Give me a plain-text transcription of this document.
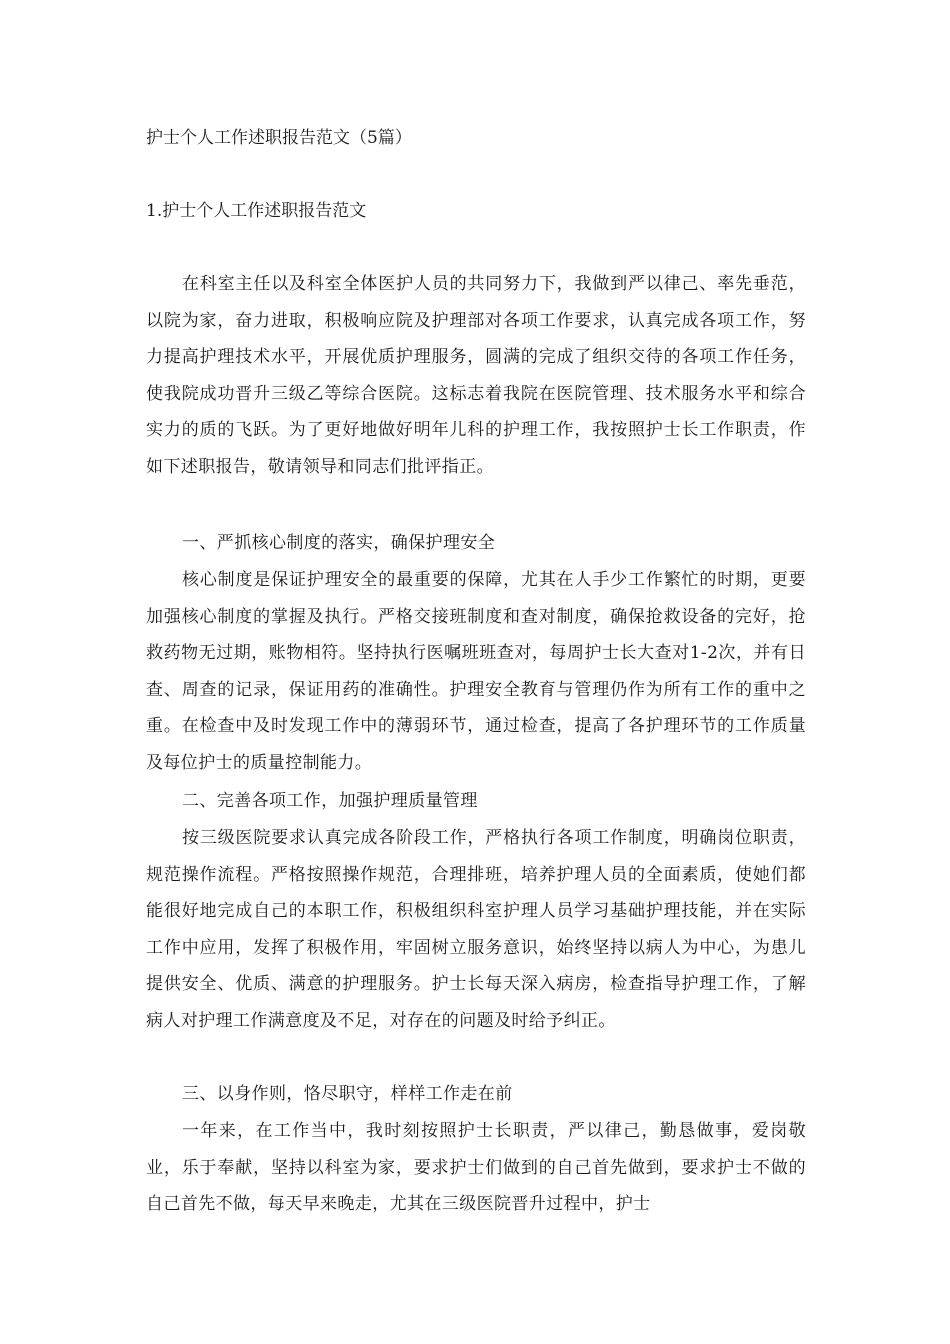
护士个人工作述职报告范文（5篇）
1.护士个人工作述职报告范文

在科室主任以及科室全体医护人员的共同努力下，我做到严以律己、率先垂范，以院为家，奋力进取，积极响应院及护理部对各项工作要求，认真完成各项工作，努力提高护理技术水平，开展优质护理服务，圆满的完成了组织交待的各项工作任务，使我院成功晋升三级乙等综合医院。这标志着我院在医院管理、技术服务水平和综合实力的质的飞跃。为了更好地做好明年儿科的护理工作，我按照护士长工作职责，作如下述职报告，敬请领导和同志们批评指正。

一、严抓核心制度的落实，确保护理安全

核心制度是保证护理安全的最重要的保障，尤其在人手少工作繁忙的时期，更要加强核心制度的掌握及执行。严格交接班制度和查对制度，确保抢救设备的完好，抢救药物无过期，账物相符。坚持执行医嘱班班查对，每周护士长大查对1-2次，并有日查、周查的记录，保证用药的准确性。护理安全教育与管理仍作为所有工作的重中之重。在检查中及时发现工作中的薄弱环节，通过检查，提高了各护理环节的工作质量及每位护士的质量控制能力。

二、完善各项工作，加强护理质量管理

按三级医院要求认真完成各阶段工作，严格执行各项工作制度，明确岗位职责，规范操作流程。严格按照操作规范，合理排班，培养护理人员的全面素质，使她们都能很好地完成自己的本职工作，积极组织科室护理人员学习基础护理技能，并在实际工作中应用，发挥了积极作用，牢固树立服务意识，始终坚持以病人为中心，为患儿提供安全、优质、满意的护理服务。护士长每天深入病房，检查指导护理工作，了解病人对护理工作满意度及不足，对存在的问题及时给予纠正。

三、以身作则，恪尽职守，样样工作走在前

一年来，在工作当中，我时刻按照护士长职责，严以律己，勤恳做事，爱岗敬业，乐于奉献，坚持以科室为家，要求护士们做到的自己首先做到，要求护士不做的自己首先不做，每天早来晚走，尤其在三级医院晋升过程中，护士
